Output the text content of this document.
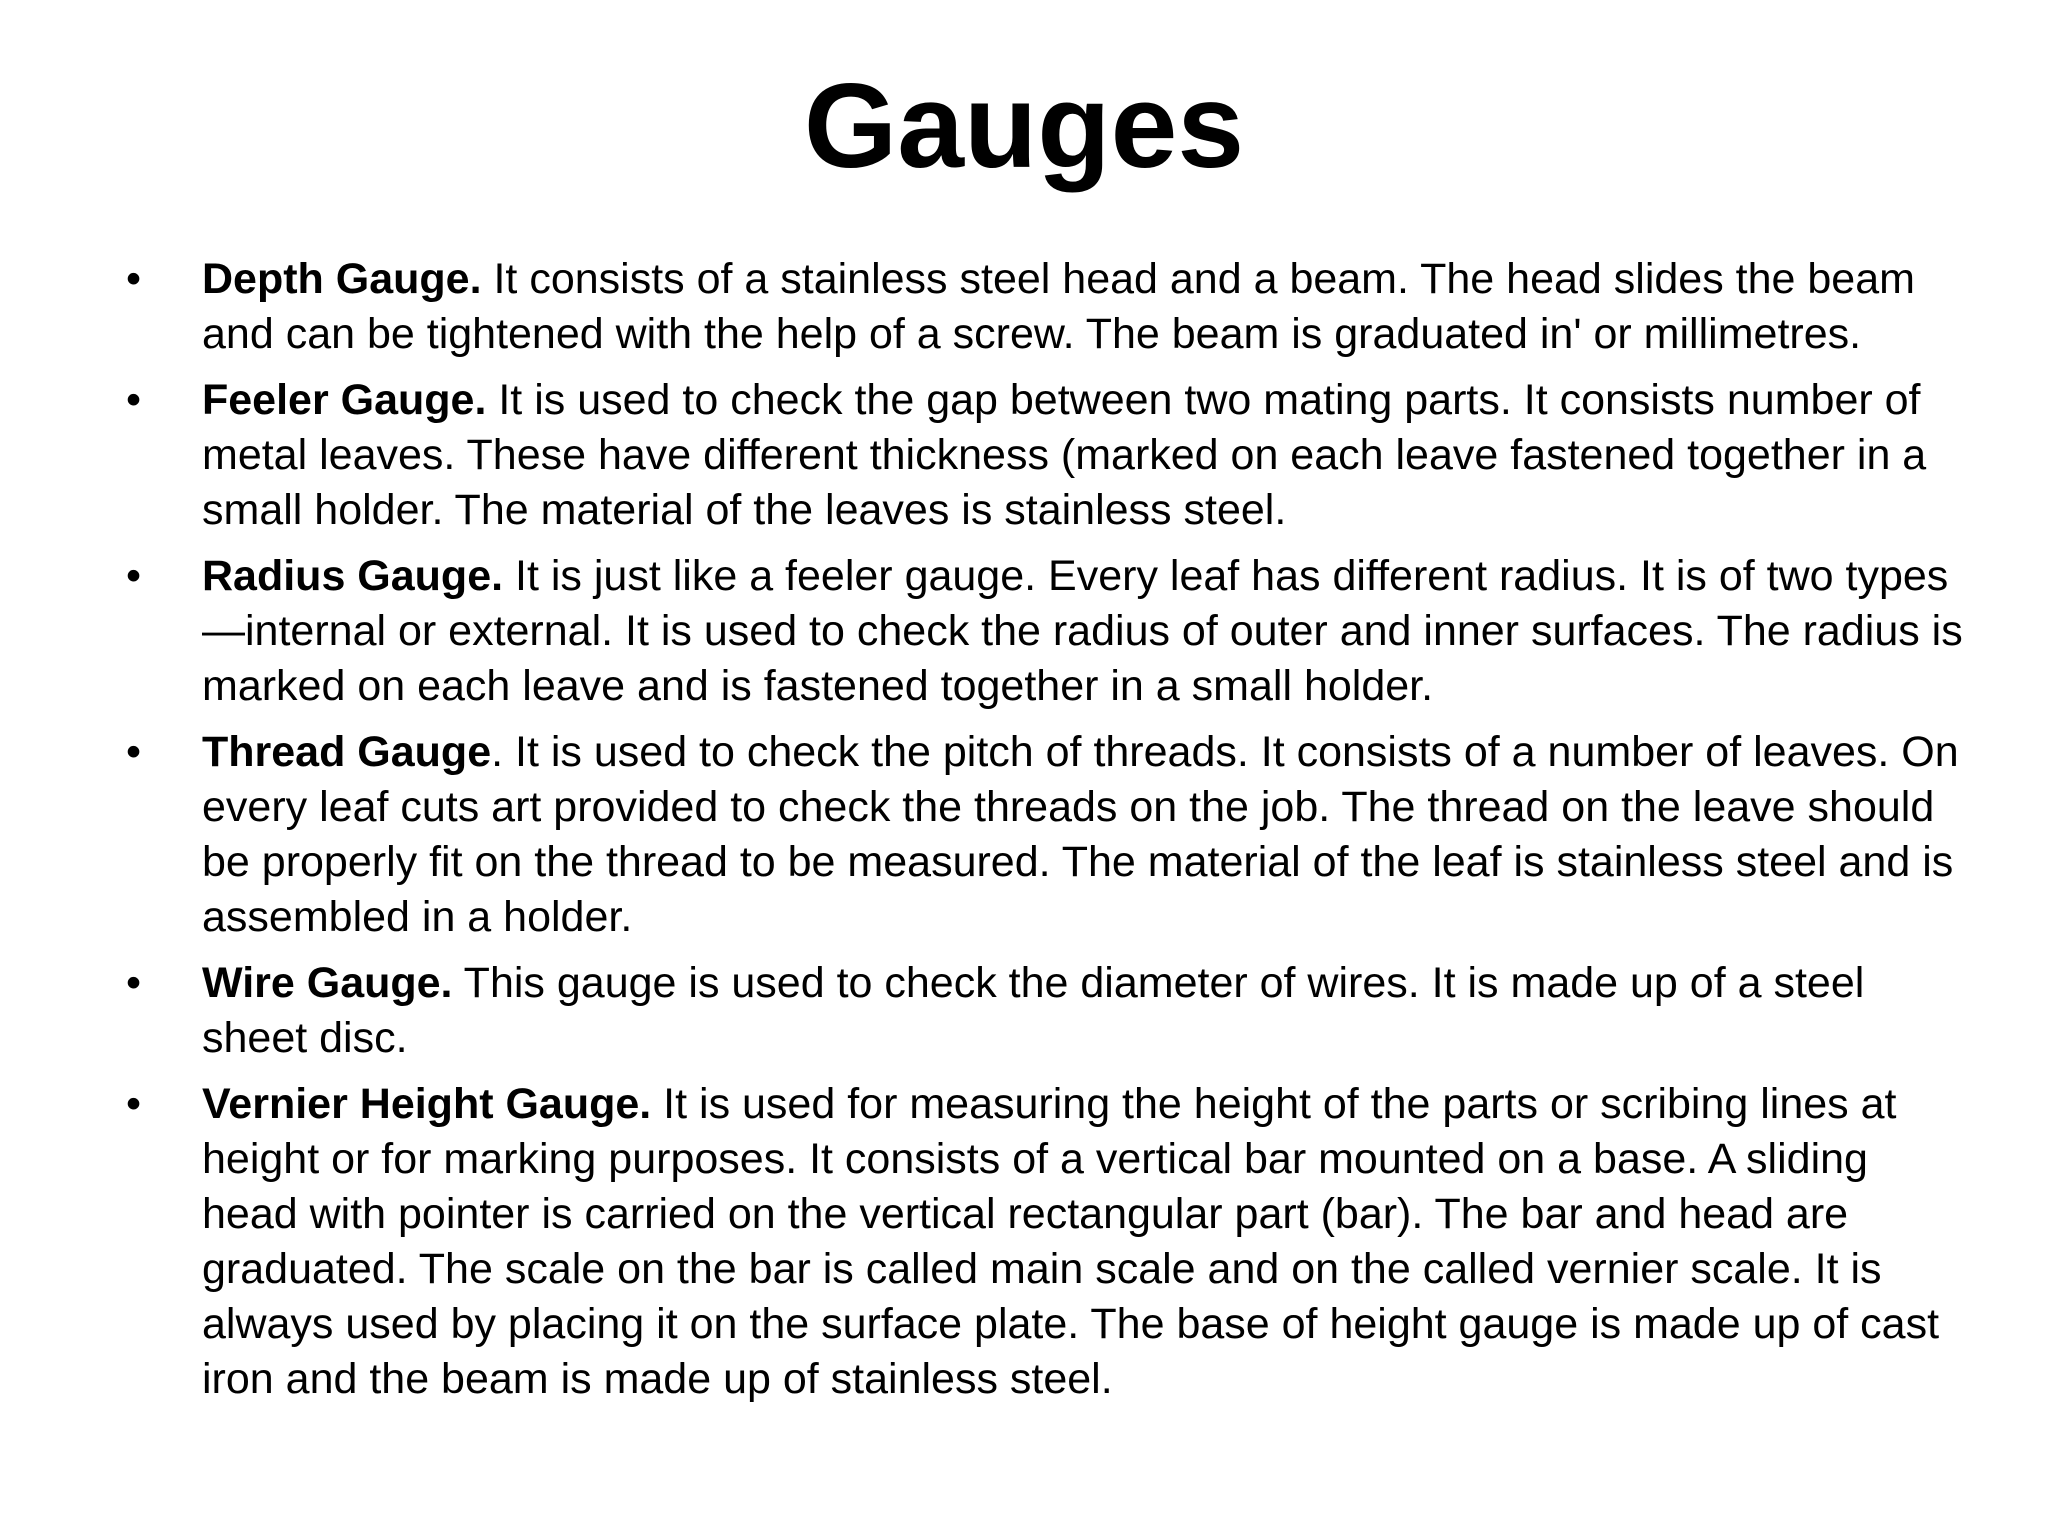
Gauges
• Depth Gauge. It consists of a stainless steel head and a beam. The head slides the beam and can be tightened with the help of a screw. The beam is graduated in' or millimetres.
• Feeler Gauge. It is used to check the gap between two mating parts. It consists number of metal leaves. These have different thickness (marked on each leave fastened together in a small holder. The material of the leaves is stainless steel.
• Radius Gauge. It is just like a feeler gauge. Every leaf has different radius. It is of two types—internal or external. It is used to check the radius of outer and inner surfaces. The radius is marked on each leave and is fastened together in a small holder.
• Thread Gauge. It is used to check the pitch of threads. It consists of a number of leaves. On every leaf cuts art provided to check the threads on the job. The thread on the leave should be properly fit on the thread to be measured. The material of the leaf is stainless steel and is assembled in a holder.
• Wire Gauge. This gauge is used to check the diameter of wires. It is made up of a steel sheet disc.
• Vernier Height Gauge. It is used for measuring the height of the parts or scribing lines at height or for marking purposes. It consists of a vertical bar mounted on a base. A sliding head with pointer is carried on the vertical rectangular part (bar). The bar and head are graduated. The scale on the bar is called main scale and on the called vernier scale. It is always used by placing it on the surface plate. The base of height gauge is made up of cast iron and the beam is made up of stainless steel.
